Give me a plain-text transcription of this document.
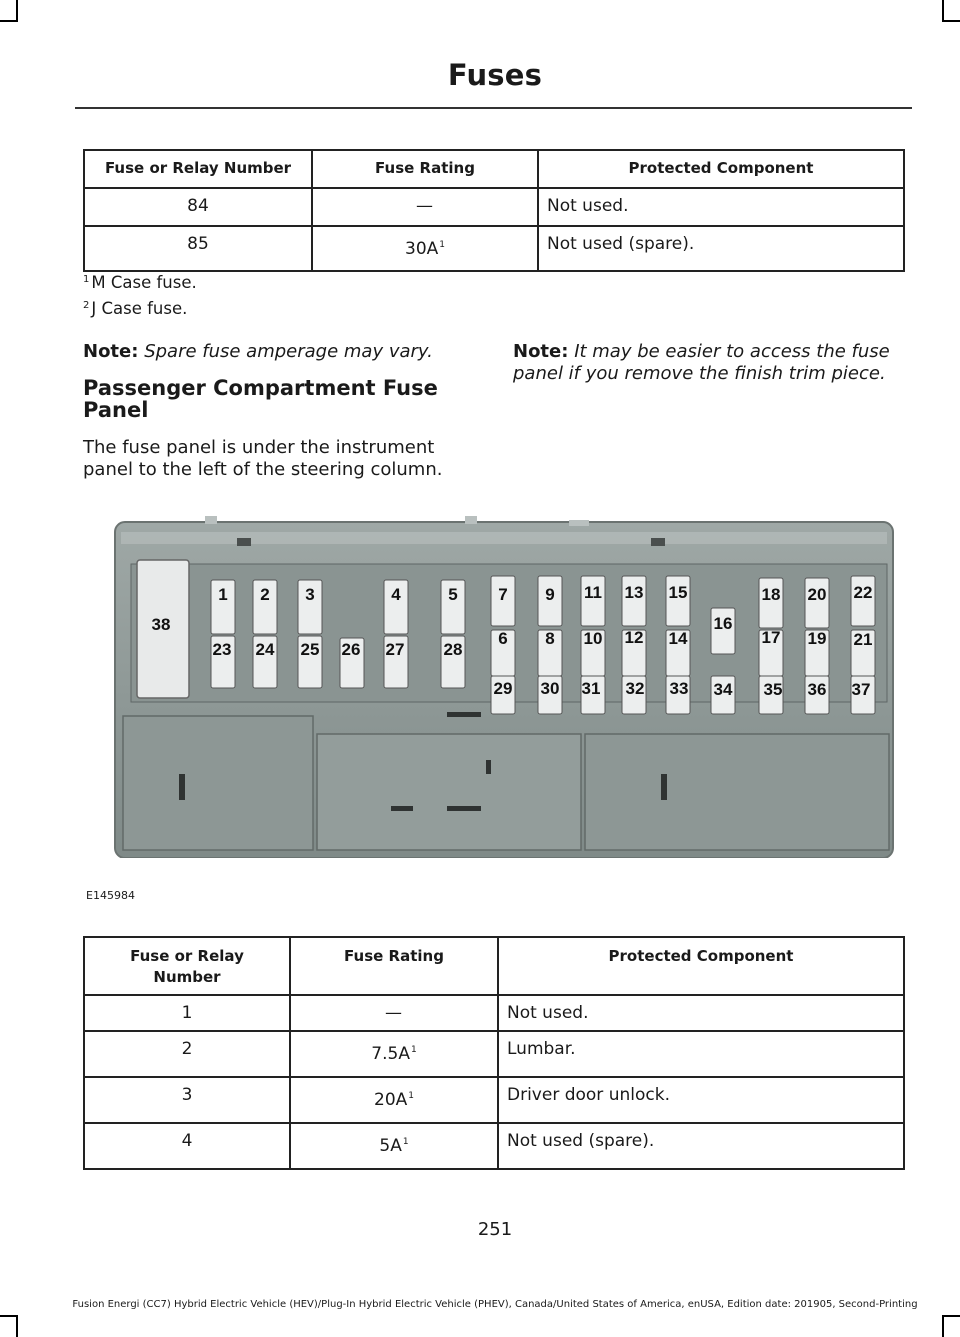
Fuses
Fuse or Relay Number	Fuse Rating	Protected Component
84	—	Not used.
85	$30A^1$	Not used (spare).
$^1$ M Case fuse.
$^2$ J Case fuse.
Note: Spare fuse amperage may vary.
Passenger Compartment Fuse Panel
The fuse panel is under the instrument panel to the left of the steering column.
Note: It may be easier to access the fuse panel if you remove the finish trim piece.
1 2 3	4	5
6
7
8
9
10
11
12
13
14
15
16
17
18
19
20
21
22
23 24 25 26 27 28
29 30 31 32 33 34 35 36 37
38
E145984
Fuse or Relay Number	Fuse Rating	Protected Component
1	—	Not used.
2	$7.5A^1$	Lumbar.
3	$20A^1$	Driver door unlock.
4	$5A^1$	Not used (spare).
251
Fusion Energi (CC7) Hybrid Electric Vehicle (HEV)/Plug-In Hybrid Electric Vehicle (PHEV), Canada/United States of America, enUSA, Edition date: 201905, Second-Printing
